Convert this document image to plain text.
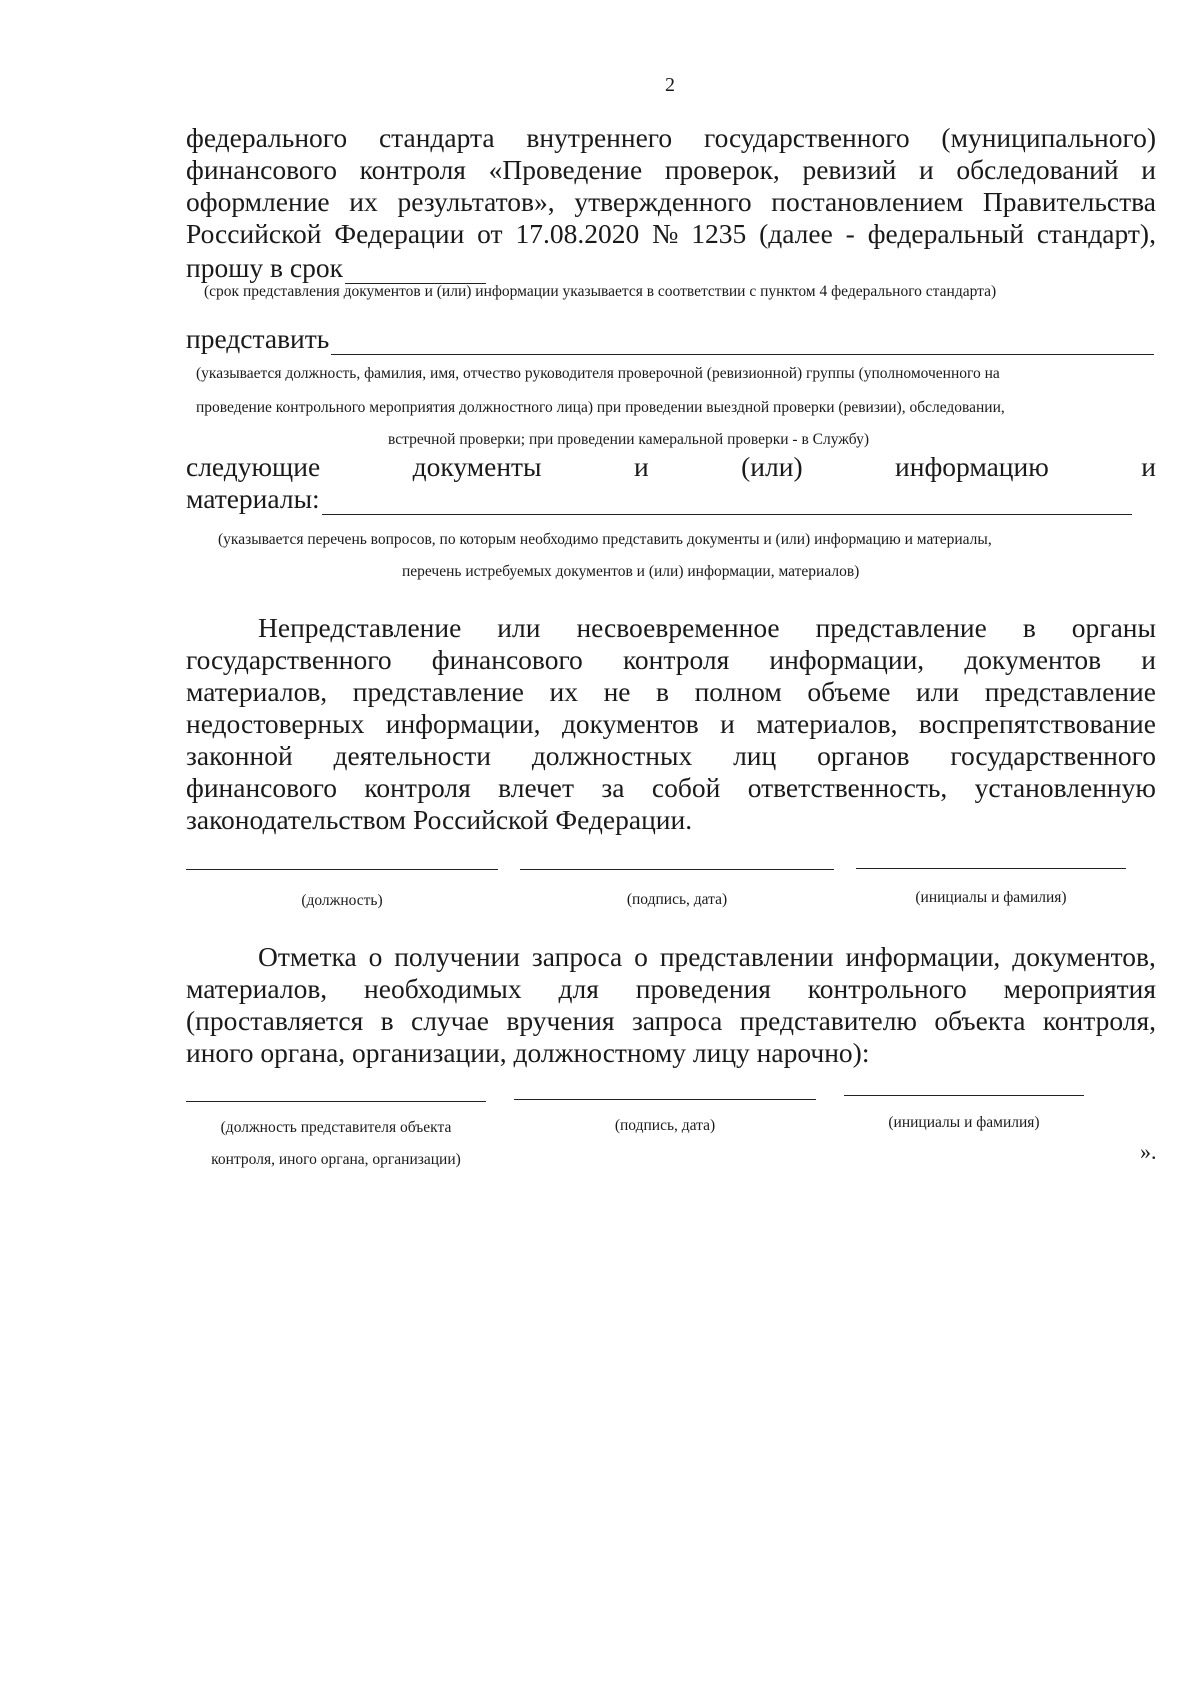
2
федерального стандарта внутреннего государственного (муниципального)
финансового контроля «Проведение проверок, ревизий и обследований и
оформление их результатов», утвержденного постановлением Правительства
Российской Федерации от 17.08.2020 № 1235 (далее - федеральный стандарт),
прошу в срок
(срок представления документов и (или) информации указывается в соответствии с пунктом 4 федерального стандарта)
представить
(указывается должность, фамилия, имя, отчество руководителя проверочной (ревизионной) группы (уполномоченного на
проведение контрольного мероприятия должностного лица) при проведении выездной проверки (ревизии), обследовании,
встречной проверки; при проведении камеральной проверки - в Службу)
следующие	документы	и	(или)	информацию	и
материалы:
(указывается перечень вопросов, по которым необходимо представить документы и (или) информацию и материалы,
перечень истребуемых документов и (или) информации, материалов)
Непредставление или несвоевременное представление в органы
государственного финансового контроля информации, документов и
материалов, представление их не в полном объеме или представление
недостоверных информации, документов и материалов, воспрепятствование
законной деятельности должностных лиц органов государственного
финансового контроля влечет за собой ответственность, установленную
законодательством Российской Федерации.
(должность)	(подпись, дата)	(инициалы и фамилия)
Отметка о получении запроса о представлении информации, документов,
материалов, необходимых для проведения контрольного мероприятия
(проставляется в случае вручения запроса представителю объекта контроля,
иного органа, организации, должностному лицу нарочно):
(должность представителя объекта
контроля, иного органа, организации)
(подпись, дата)	(инициалы и фамилия)
».
